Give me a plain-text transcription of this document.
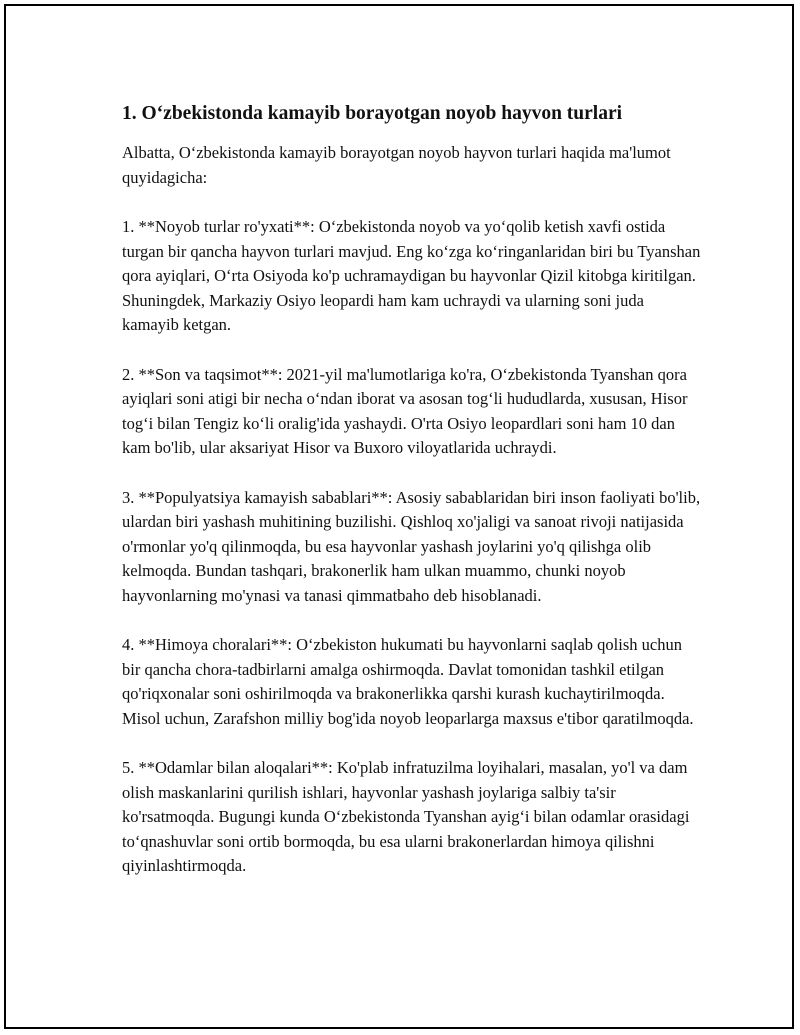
1. O‘zbekistonda kamayib borayotgan noyob hayvon turlari

Albatta, O‘zbekistonda kamayib borayotgan noyob hayvon turlari haqida ma'lumot quyidagicha:

1. **Noyob turlar ro'yxati**: O‘zbekistonda noyob va yo‘qolib ketish xavfi ostida turgan bir qancha hayvon turlari mavjud. Eng ko‘zga ko‘ringanlaridan biri bu Tyanshan qora ayiqlari, O‘rta Osiyoda ko'p uchramaydigan bu hayvonlar Qizil kitobga kiritilgan. Shuningdek, Markaziy Osiyo leopardi ham kam uchraydi va ularning soni juda kamayib ketgan.

2. **Son va taqsimot**: 2021-yil ma'lumotlariga ko'ra, O‘zbekistonda Tyanshan qora ayiqlari soni atigi bir necha o‘ndan iborat va asosan tog‘li hududlarda, xususan, Hisor tog‘i bilan Tengiz ko‘li oralig'ida yashaydi. O'rta Osiyo leopardlari soni ham 10 dan kam bo'lib, ular aksariyat Hisor va Buxoro viloyatlarida uchraydi.

3. **Populyatsiya kamayish sabablari**: Asosiy sabablaridan biri inson faoliyati bo'lib, ulardan biri yashash muhitining buzilishi. Qishloq xo'jaligi va sanoat rivoji natijasida o'rmonlar yo'q qilinmoqda, bu esa hayvonlar yashash joylarini yo'q qilishga olib kelmoqda. Bundan tashqari, brakonerlik ham ulkan muammo, chunki noyob hayvonlarning mo'ynasi va tanasi qimmatbaho deb hisoblanadi.

4. **Himoya choralari**: O‘zbekiston hukumati bu hayvonlarni saqlab qolish uchun bir qancha chora-tadbirlarni amalga oshirmoqda. Davlat tomonidan tashkil etilgan qo'riqxonalar soni oshirilmoqda va brakonerlikka qarshi kurash kuchaytirilmoqda. Misol uchun, Zarafshon milliy bog'ida noyob leoparlarga maxsus e'tibor qaratilmoqda.

5. **Odamlar bilan aloqalari**: Ko'plab infratuzilma loyihalari, masalan, yo'l va dam olish maskanlarini qurilish ishlari, hayvonlar yashash joylariga salbiy ta'sir ko'rsatmoqda. Bugungi kunda O‘zbekistonda Tyanshan ayig‘i bilan odamlar orasidagi to‘qnashuvlar soni ortib bormoqda, bu esa ularni brakonerlardan himoya qilishni qiyinlashtirmoqda.
